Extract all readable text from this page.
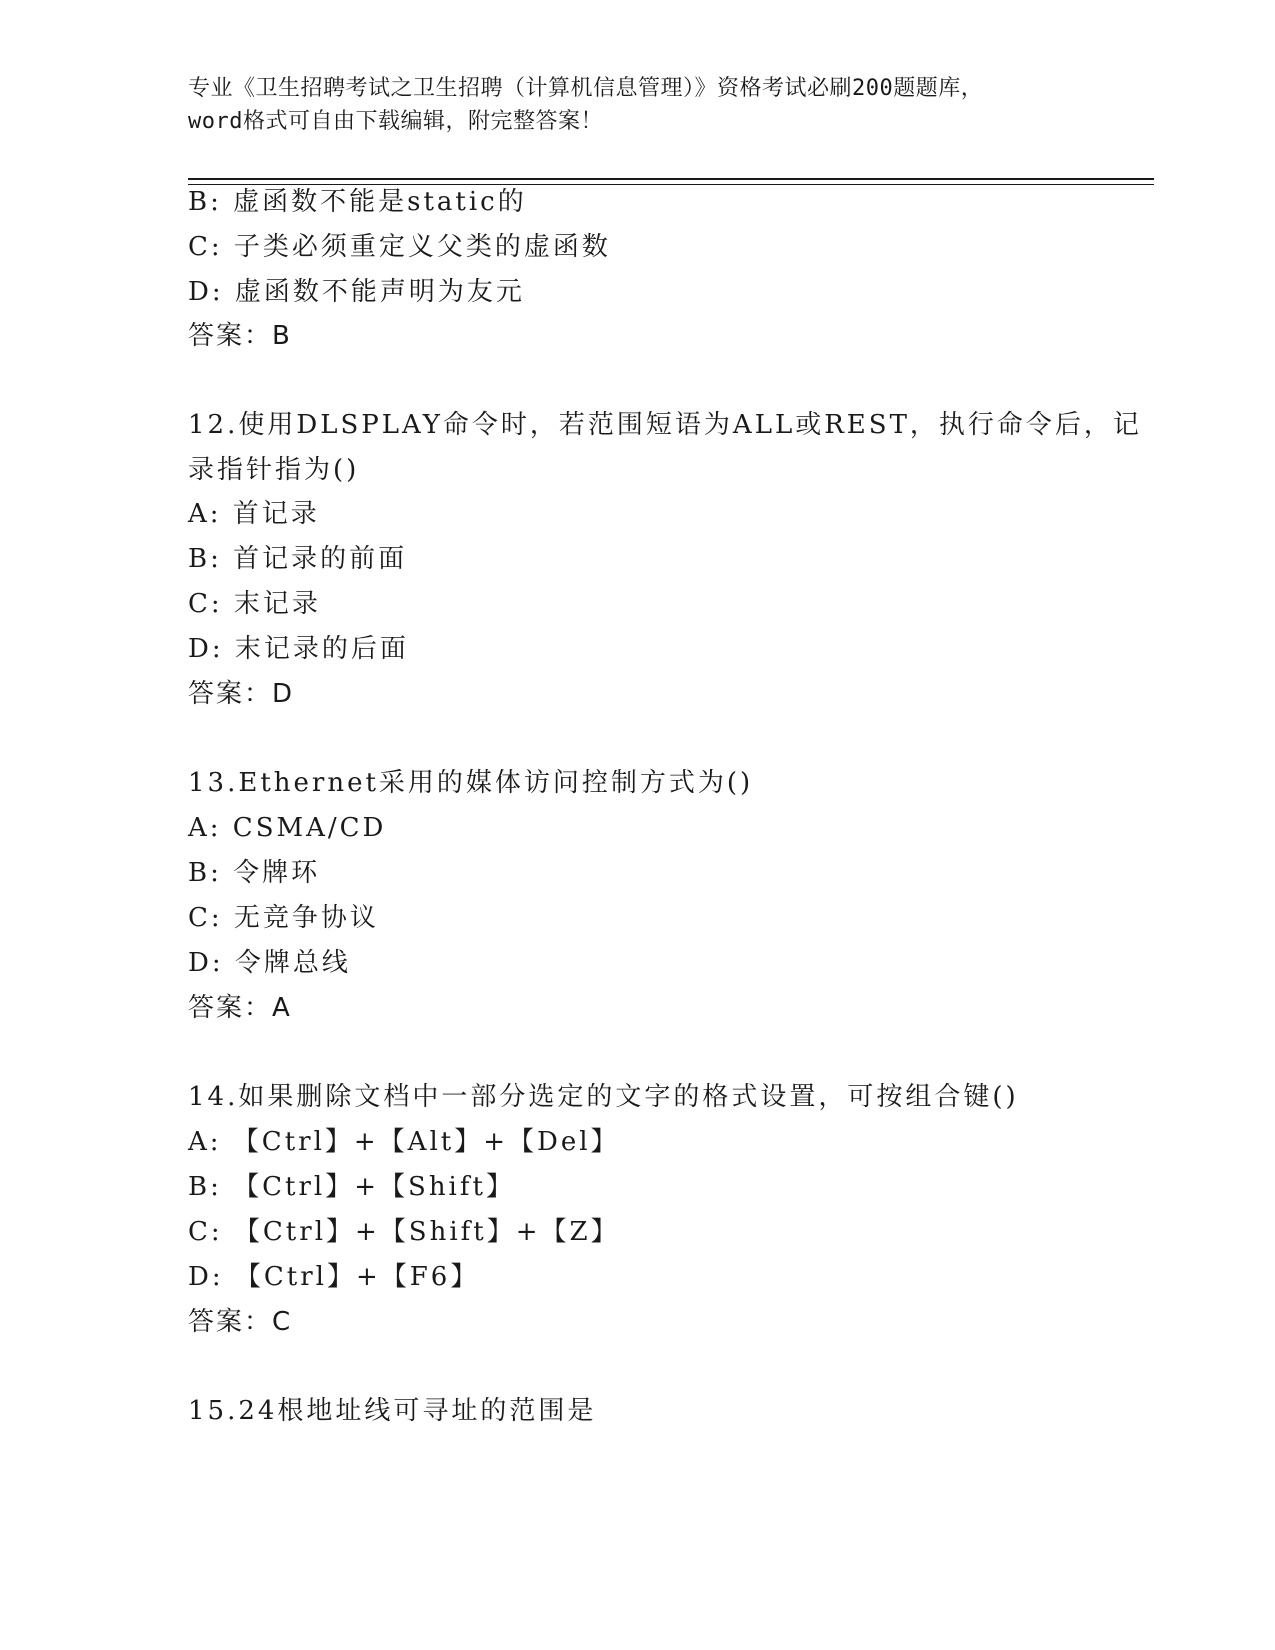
专业《卫生招聘考试之卫生招聘（计算机信息管理）》资格考试必刷200题题库，
word格式可自由下载编辑，附完整答案！
B: 虚函数不能是static的
C: 子类必须重定义父类的虚函数
D: 虚函数不能声明为友元
答案：B
12.使用DLSPLAY命令时，若范围短语为ALL或REST，执行命令后，记
录指针指为()
A: 首记录
B: 首记录的前面
C: 末记录
D: 末记录的后面
答案：D
13.Ethernet采用的媒体访问控制方式为()
A: CSMA/CD
B: 令牌环
C: 无竞争协议
D: 令牌总线
答案：A
14.如果删除文档中一部分选定的文字的格式设置，可按组合键()
A: 【Ctrl】+【Alt】+【Del】
B: 【Ctrl】+【Shift】
C: 【Ctrl】+【Shift】+【Z】
D: 【Ctrl】+【F6】
答案：C
15.24根地址线可寻址的范围是
